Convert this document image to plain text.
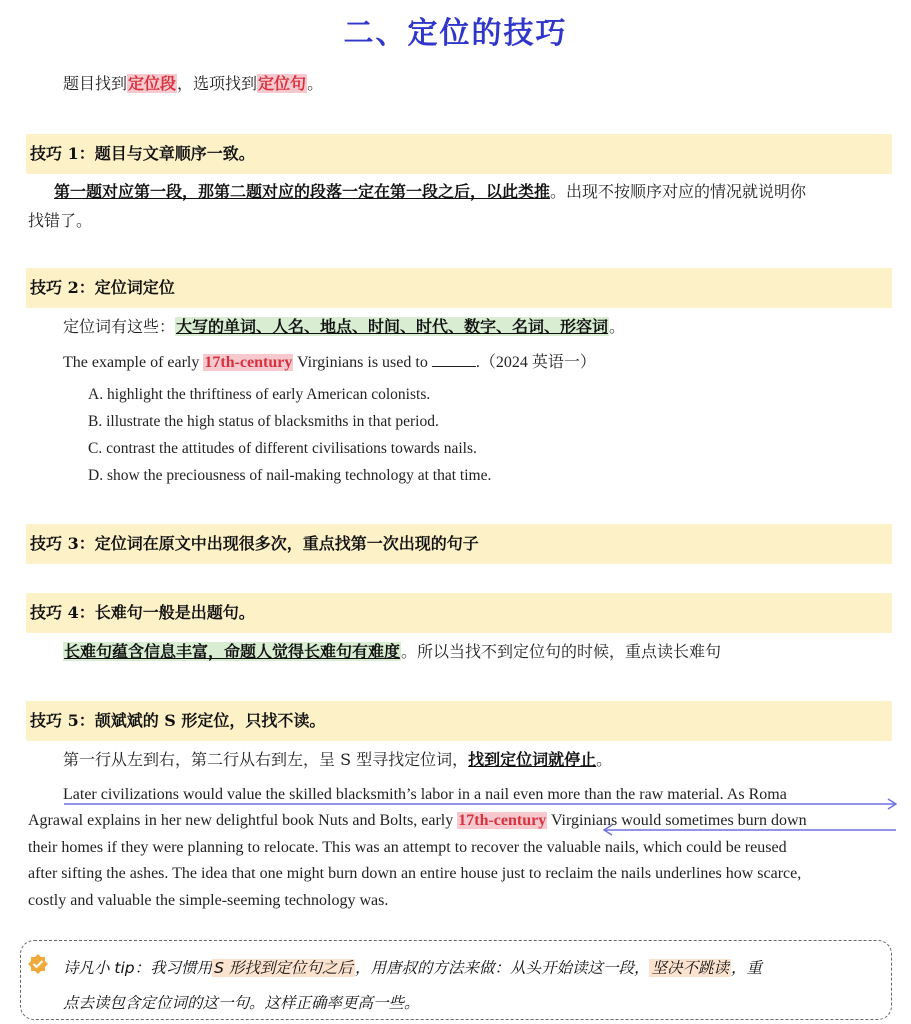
二、定位的技巧
题目找到定位段，选项找到定位句。
技巧 1：题目与文章顺序一致。
第一题对应第一段，那第二题对应的段落一定在第一段之后，以此类推。出现不按顺序对应的情况就说明你
找错了。
技巧 2：定位词定位
定位词有这些：大写的单词、人名、地点、时间、时代、数字、名词、形容词。
The example of early 17th-century Virginians is used to	.（2024 英语一）
A. highlight the thriftiness of early American colonists.
B. illustrate the high status of blacksmiths in that period.
C. contrast the attitudes of different civilisations towards nails.
D. show the preciousness of nail-making technology at that time.
技巧 3：定位词在原文中出现很多次，重点找第一次出现的句子
技巧 4：长难句一般是出题句。
长难句蕴含信息丰富，命题人觉得长难句有难度。所以当找不到定位句的时候，重点读长难句
技巧 5：颉斌斌的 S 形定位，只找不读。
第一行从左到右，第二行从右到左，呈 S 型寻找定位词，找到定位词就停止。
Later civilizations would value the skilled blacksmith’s labor in a nail even more than the raw material. As Roma
Agrawal explains in her new delightful book Nuts and Bolts, early 17th-century Virginians would sometimes burn down
their homes if they were planning to relocate. This was an attempt to recover the valuable nails, which could be reused
after sifting the ashes. The idea that one might burn down an entire house just to reclaim the nails underlines how scarce,
costly and valuable the simple-seeming technology was.
诗凡小 tip：我习惯用 S 形找到定位句之后 ，用唐叔的方法来做：从头开始读这一段， 坚决不跳读 ，重
点去读包含定位词的这一句。这样正确率更高一些。
